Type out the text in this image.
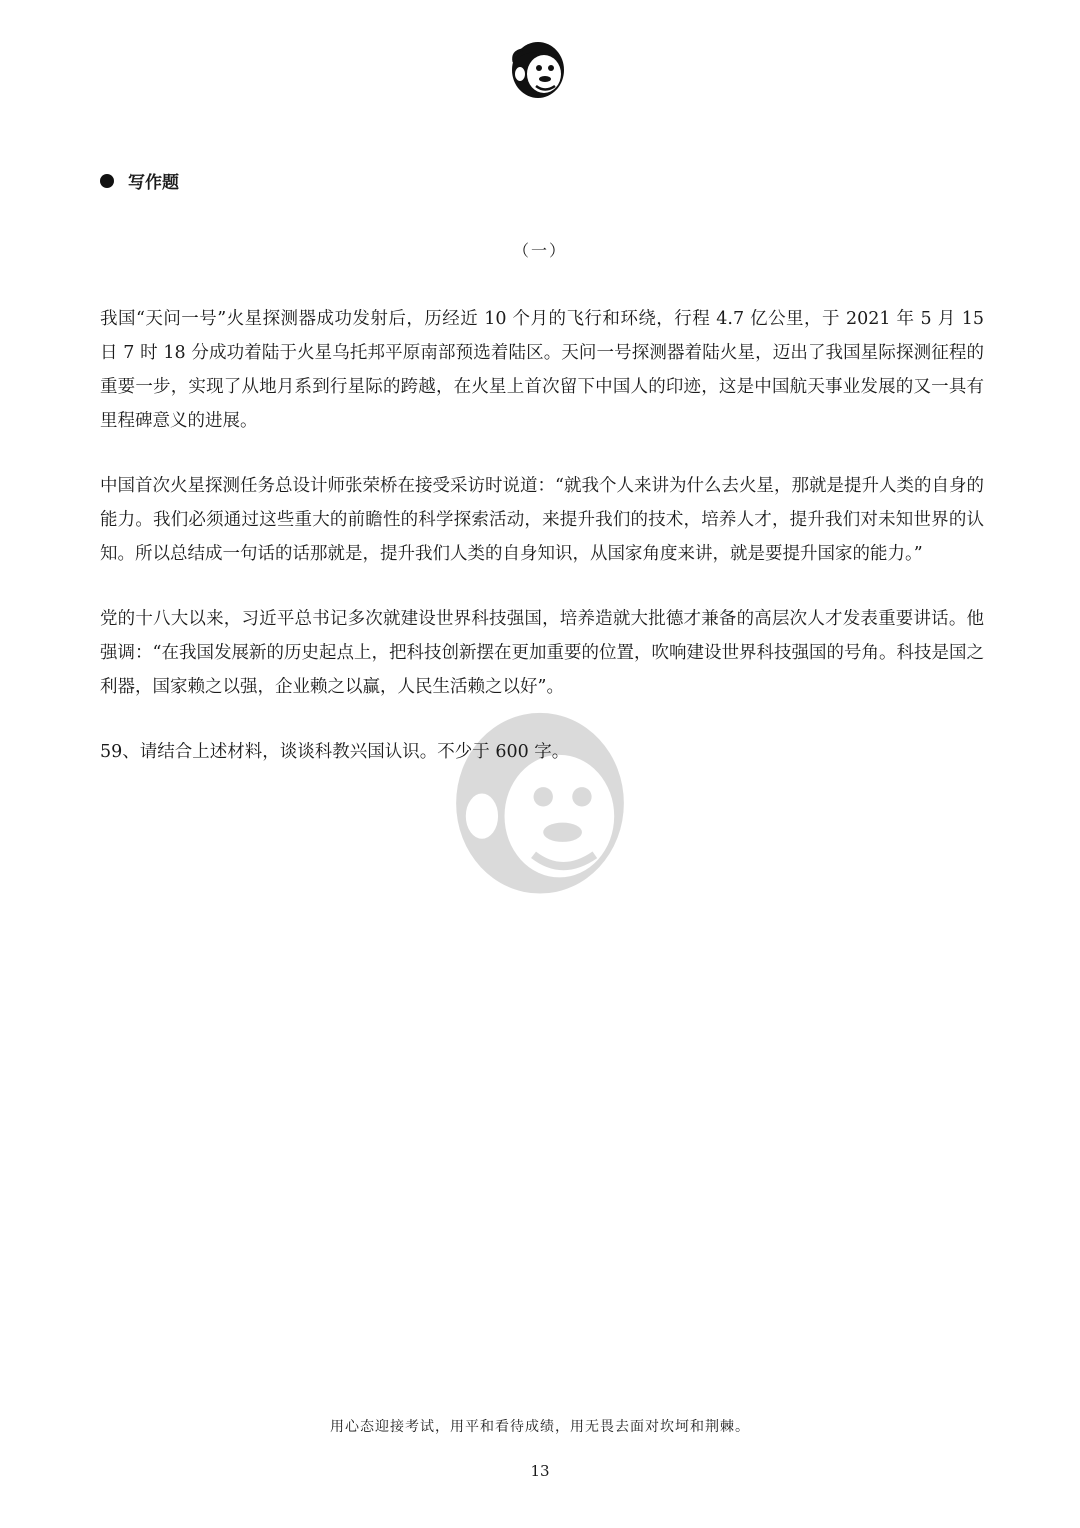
写作题
（一）

我国“天问一号”火星探测器成功发射后，历经近 10 个月的飞行和环绕，行程 4.7 亿公里，于 2021 年 5 月 15 日 7 时 18 分成功着陆于火星乌托邦平原南部预选着陆区。天问一号探测器着陆火星，迈出了我国星际探测征程的重要一步，实现了从地月系到行星际的跨越，在火星上首次留下中国人的印迹，这是中国航天事业发展的又一具有里程碑意义的进展。

中国首次火星探测任务总设计师张荣桥在接受采访时说道：“就我个人来讲为什么去火星，那就是提升人类的自身的能力。我们必须通过这些重大的前瞻性的科学探索活动，来提升我们的技术，培养人才，提升我们对未知世界的认知。所以总结成一句话的话那就是，提升我们人类的自身知识，从国家角度来讲，就是要提升国家的能力。”

党的十八大以来，习近平总书记多次就建设世界科技强国，培养造就大批德才兼备的高层次人才发表重要讲话。他强调：“在我国发展新的历史起点上，把科技创新摆在更加重要的位置，吹响建设世界科技强国的号角。科技是国之利器，国家赖之以强，企业赖之以赢，人民生活赖之以好”。

59、请结合上述材料，谈谈科教兴国认识。不少于 600 字。

用心态迎接考试，用平和看待成绩，用无畏去面对坎坷和荆棘。
13
